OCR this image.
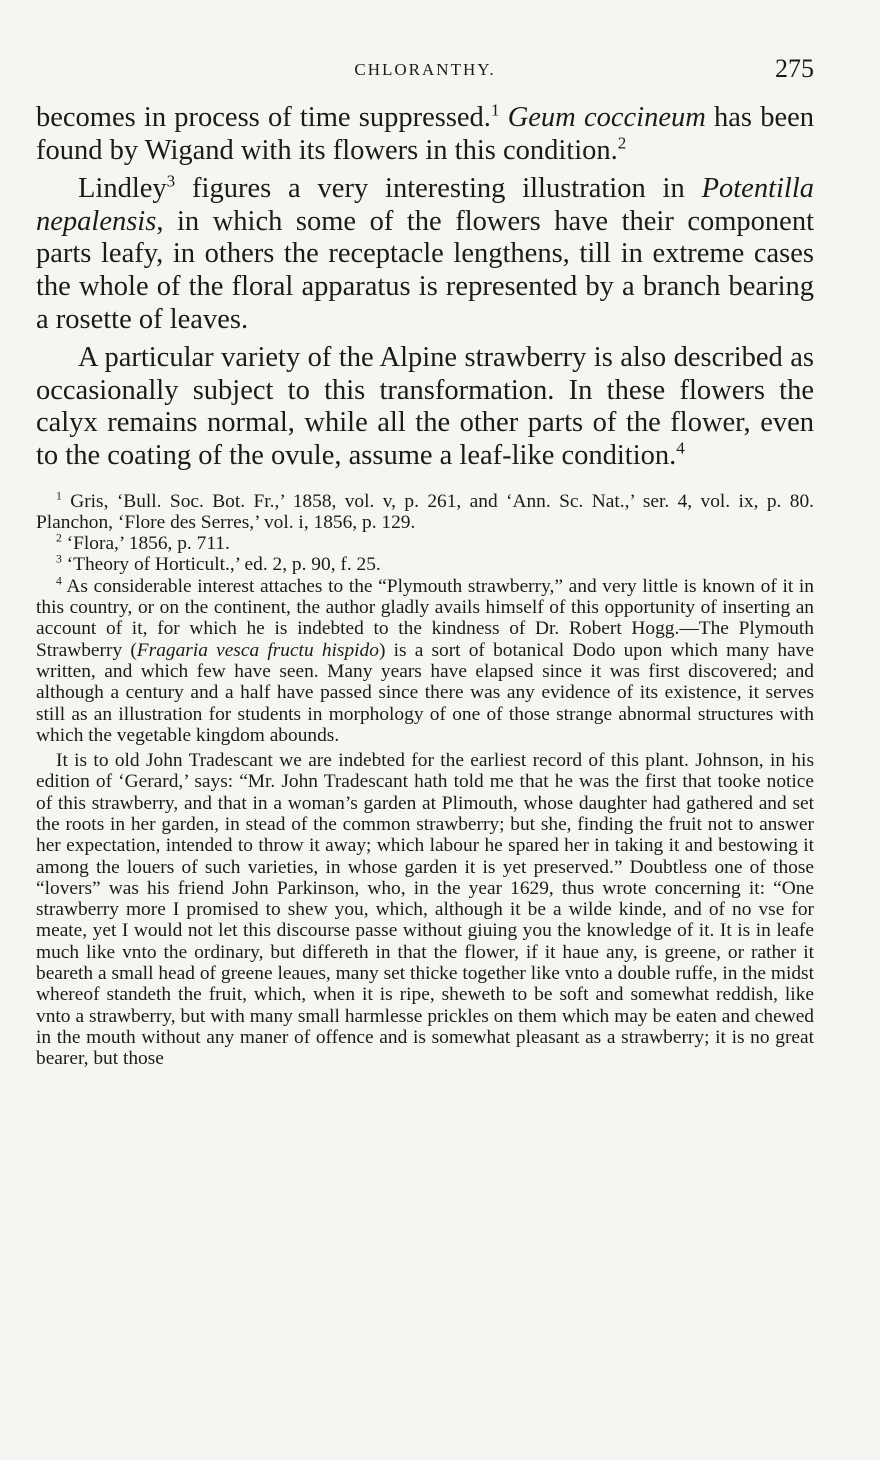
CHLORANTHY.	275

becomes in process of time suppressed.$^1$ Geum coccineum has been found by Wigand with its flowers in this condition.$^2$

Lindley$^3$ figures a very interesting illustration in Potentilla nepalensis, in which some of the flowers have their component parts leafy, in others the receptacle lengthens, till in extreme cases the whole of the floral apparatus is represented by a branch bearing a rosette of leaves.

A particular variety of the Alpine strawberry is also described as occasionally subject to this transformation. In these flowers the calyx remains normal, while all the other parts of the flower, even to the coating of the ovule, assume a leaf-like condition.$^4$

$^1$ Gris, ‘Bull. Soc. Bot. Fr.,’ 1858, vol. v, p. 261, and ‘Ann. Sc. Nat.,’ ser. 4, vol. ix, p. 80. Planchon, ‘Flore des Serres,’ vol. i, 1856, p. 129.

$^2$ ‘Flora,’ 1856, p. 711.

$^3$ ‘Theory of Horticult.,’ ed. 2, p. 90, f. 25.

$^4$ As considerable interest attaches to the “Plymouth strawberry,” and very little is known of it in this country, or on the continent, the author gladly avails himself of this opportunity of inserting an account of it, for which he is indebted to the kindness of Dr. Robert Hogg.—The Plymouth Strawberry (Fragaria vesca fructu hispido) is a sort of botanical Dodo upon which many have written, and which few have seen. Many years have elapsed since it was first discovered; and although a century and a half have passed since there was any evidence of its existence, it serves still as an illustration for students in morphology of one of those strange abnormal structures with which the vegetable kingdom abounds.

It is to old John Tradescant we are indebted for the earliest record of this plant. Johnson, in his edition of ‘Gerard,’ says: “Mr. John Tradescant hath told me that he was the first that tooke notice of this strawberry, and that in a woman’s garden at Plimouth, whose daughter had gathered and set the roots in her garden, in stead of the common strawberry; but she, finding the fruit not to answer her expectation, intended to throw it away; which labour he spared her in taking it and bestowing it among the louers of such varieties, in whose garden it is yet preserved.” Doubtless one of those “lovers” was his friend John Parkinson, who, in the year 1629, thus wrote concerning it: “One strawberry more I promised to shew you, which, although it be a wilde kinde, and of no vse for meate, yet I would not let this discourse passe without giuing you the knowledge of it. It is in leafe much like vnto the ordinary, but differeth in that the flower, if it haue any, is greene, or rather it beareth a small head of greene leaues, many set thicke together like vnto a double ruffe, in the midst whereof standeth the fruit, which, when it is ripe, sheweth to be soft and somewhat reddish, like vnto a strawberry, but with many small harmlesse prickles on them which may be eaten and chewed in the mouth without any maner of offence and is somewhat pleasant as a strawberry; it is no great bearer, but those
